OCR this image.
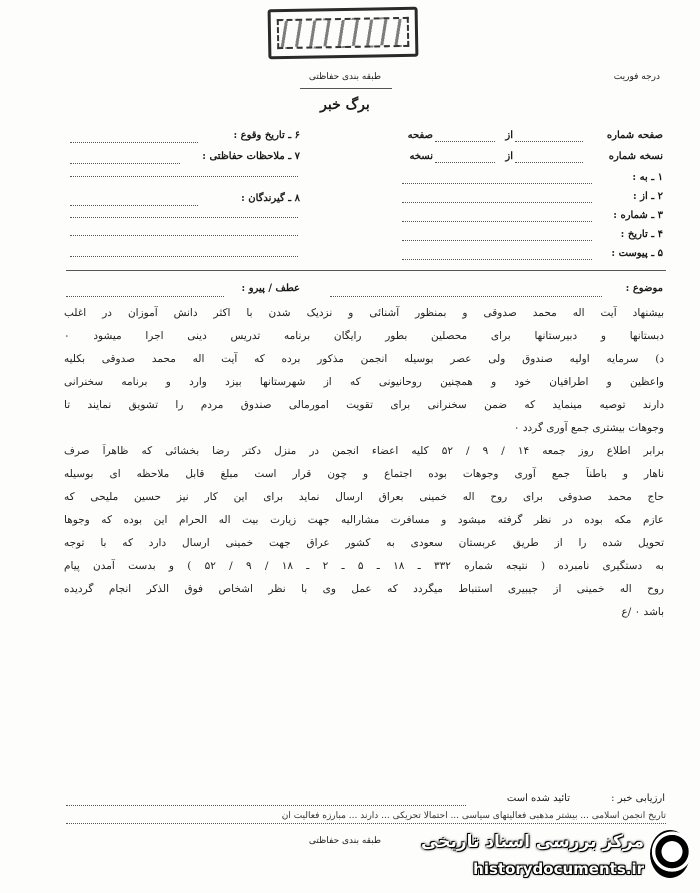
طبقه بندی حفاظتی	درجه فوریت
برگ خبر
۶ ـ تاریخ وقوع :
۷ ـ ملاحظات حفاظتی :
۸ ـ گیرندگان :
صفحه شماره
از
صفحه
نسخه شماره
از
نسخه
۱ ـ به :
۲ ـ از :
۳ ـ شماره :
۴ ـ تاریخ :
۵ ـ پیوست :
عطف / پیرو :	موضوع :
بیشنهاد آیت اله محمد صدوقی و بمنظور آشنائی و نزدیک شدن با اکثر دانش آموزان در اغلب
دبستانها و دبیرستانها برای محصلین بطور رایگان برنامه تدریس دینی اجرا میشود ۰
د) سرمایه اولیه صندوق ولی عصر بوسیله انجمن مذکور برده که آیت اله محمد صدوقی بکلیه
واعظین و اطرافیان خود و همچنین روحانیونی که از شهرستانها بیزد وارد و برنامه سخنرانی
دارند توصیه مینماید که ضمن سخنرانی برای تقویت امورمالی صندوق مردم را تشویق نمایند تا
وجوهات بیشتری جمع آوری گردد ۰
برابر اطلاع روز جمعه ۱۴ / ۹ / ۵۲ کلیه اعضاء انجمن در منزل دکتر رضا بخشائی که ظاهراً صرف
ناهار و باطناً جمع آوری وجوهات بوده اجتماع و چون قرار است مبلغ قابل ملاحظه ای بوسیله
حاج محمد صدوقی برای روح اله خمینی بعراق ارسال نماید برای این کار نیز حسین ملیحی که
عازم مکه بوده در نظر گرفته میشود و مسافرت مشارالیه جهت زیارت بیت اله الحرام این بوده که وجوها
تحویل شده را از طریق عربستان سعودی به کشور عراق جهت خمینی ارسال دارد که با توجه
به دستگیری نامبرده ( نتیجه شماره ۳۳۲ ـ ۱۸ ـ ۵ ـ ۲ ـ ۱۸ / ۹ / ۵۲ ) و بدست آمدن پیام
روح اله خمینی از جیبیری استنباط میگردد که عمل وی با نظر اشخاص فوق الذکر انجام گردیده
باشد ۰ /ع
ارزیابی خبر :
تائید شده است
تاریخ انجمن اسلامی ... بیشتر مذهبی فعالیتهای سیاسی ... احتمالاً تحریکی ... دارند ... مبارزه فعالیت آن
طبقه بندی حفاظتی	مرکز بررسی اسناد تاریخی
historydocuments.ir
